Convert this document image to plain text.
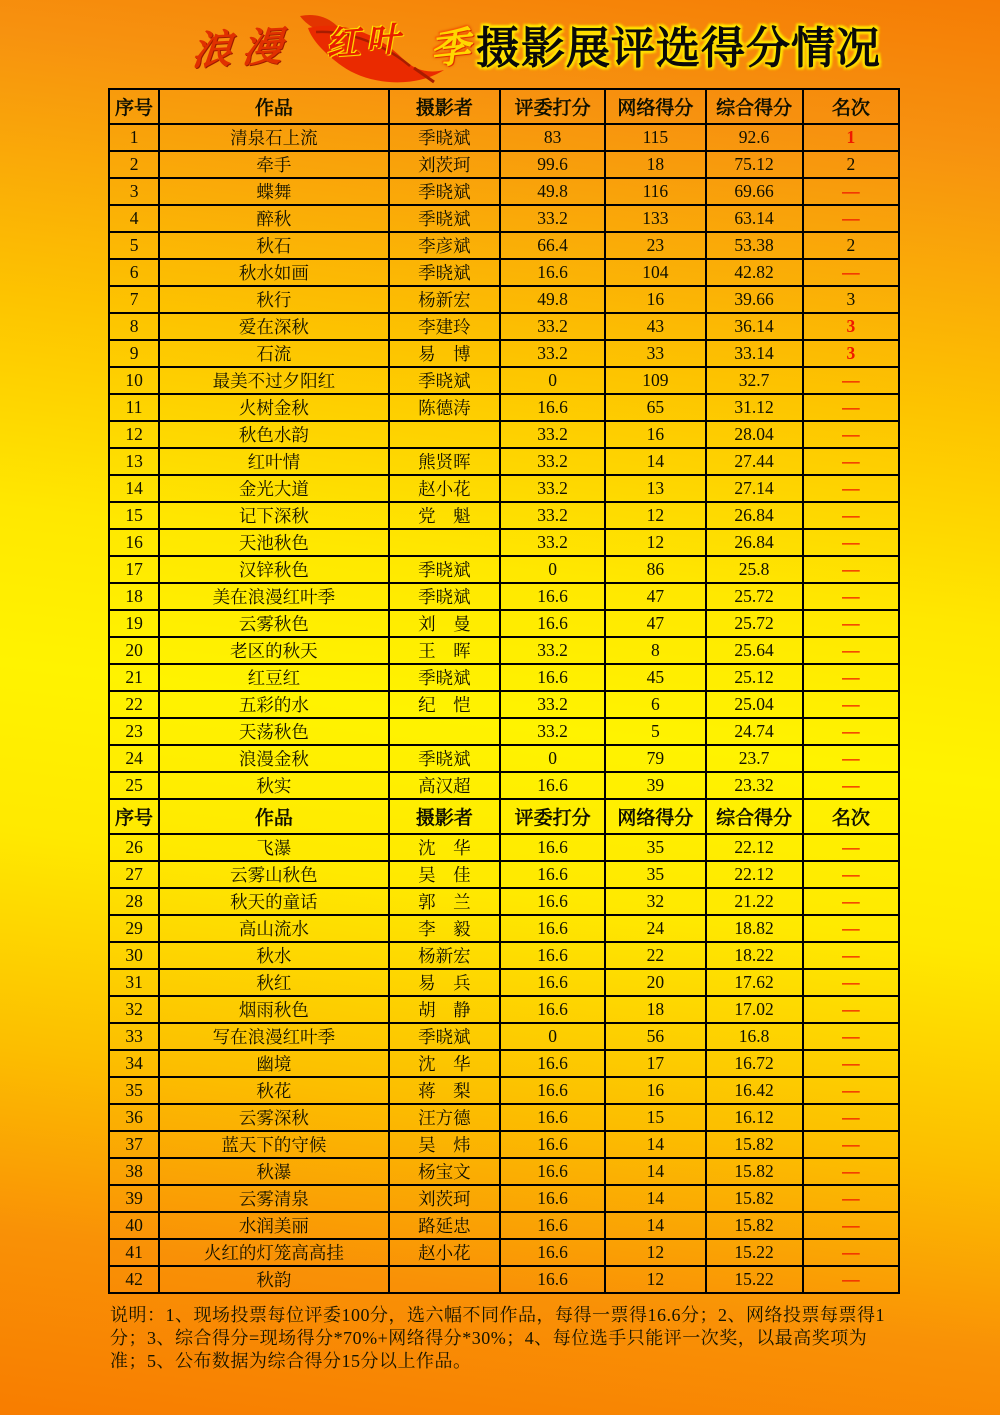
浪漫 红叶 季 摄影展评选得分情况
序号	作品	摄影者	评委打分	网络得分	综合得分	名次
1	清泉石上流	季晓斌	83	115	92.6	1
2	牵手	刘茨珂	99.6	18	75.12	2
3	蝶舞	季晓斌	49.8	116	69.66	—
4	醉秋	季晓斌	33.2	133	63.14	—
5	秋石	李彦斌	66.4	23	53.38	2
6	秋水如画	季晓斌	16.6	104	42.82	—
7	秋行	杨新宏	49.8	16	39.66	3
8	爱在深秋	李建玲	33.2	43	36.14	3
9	石流	易　博	33.2	33	33.14	3
10	最美不过夕阳红	季晓斌	0	109	32.7	—
11	火树金秋	陈德涛	16.6	65	31.12	—
12	秋色水韵		33.2	16	28.04	—
13	红叶情	熊贤晖	33.2	14	27.44	—
14	金光大道	赵小花	33.2	13	27.14	—
15	记下深秋	党　魁	33.2	12	26.84	—
16	天池秋色		33.2	12	26.84	—
17	汉锌秋色	季晓斌	0	86	25.8	—
18	美在浪漫红叶季	季晓斌	16.6	47	25.72	—
19	云雾秋色	刘　曼	16.6	47	25.72	—
20	老区的秋天	王　晖	33.2	8	25.64	—
21	红豆红	季晓斌	16.6	45	25.12	—
22	五彩的水	纪　恺	33.2	6	25.04	—
23	天荡秋色		33.2	5	24.74	—
24	浪漫金秋	季晓斌	0	79	23.7	—
25	秋实	高汉超	16.6	39	23.32	—
序号	作品	摄影者	评委打分	网络得分	综合得分	名次
26	飞瀑	沈　华	16.6	35	22.12	—
27	云雾山秋色	吴　佳	16.6	35	22.12	—
28	秋天的童话	郭　兰	16.6	32	21.22	—
29	高山流水	李　毅	16.6	24	18.82	—
30	秋水	杨新宏	16.6	22	18.22	—
31	秋红	易　兵	16.6	20	17.62	—
32	烟雨秋色	胡　静	16.6	18	17.02	—
33	写在浪漫红叶季	季晓斌	0	56	16.8	—
34	幽境	沈　华	16.6	17	16.72	—
35	秋花	蒋　梨	16.6	16	16.42	—
36	云雾深秋	汪方德	16.6	15	16.12	—
37	蓝天下的守候	吴　炜	16.6	14	15.82	—
38	秋瀑	杨宝文	16.6	14	15.82	—
39	云雾清泉	刘茨珂	16.6	14	15.82	—
40	水润美丽	路延忠	16.6	14	15.82	—
41	火红的灯笼高高挂	赵小花	16.6	12	15.22	—
42	秋韵		16.6	12	15.22	—

说明：1、现场投票每位评委100分，选六幅不同作品，每得一票得16.6分；2、网络投票每票得1分；3、综合得分=现场得分*70%+网络得分*30%；4、每位选手只能评一次奖，以最高奖项为准；5、公布数据为综合得分15分以上作品。
